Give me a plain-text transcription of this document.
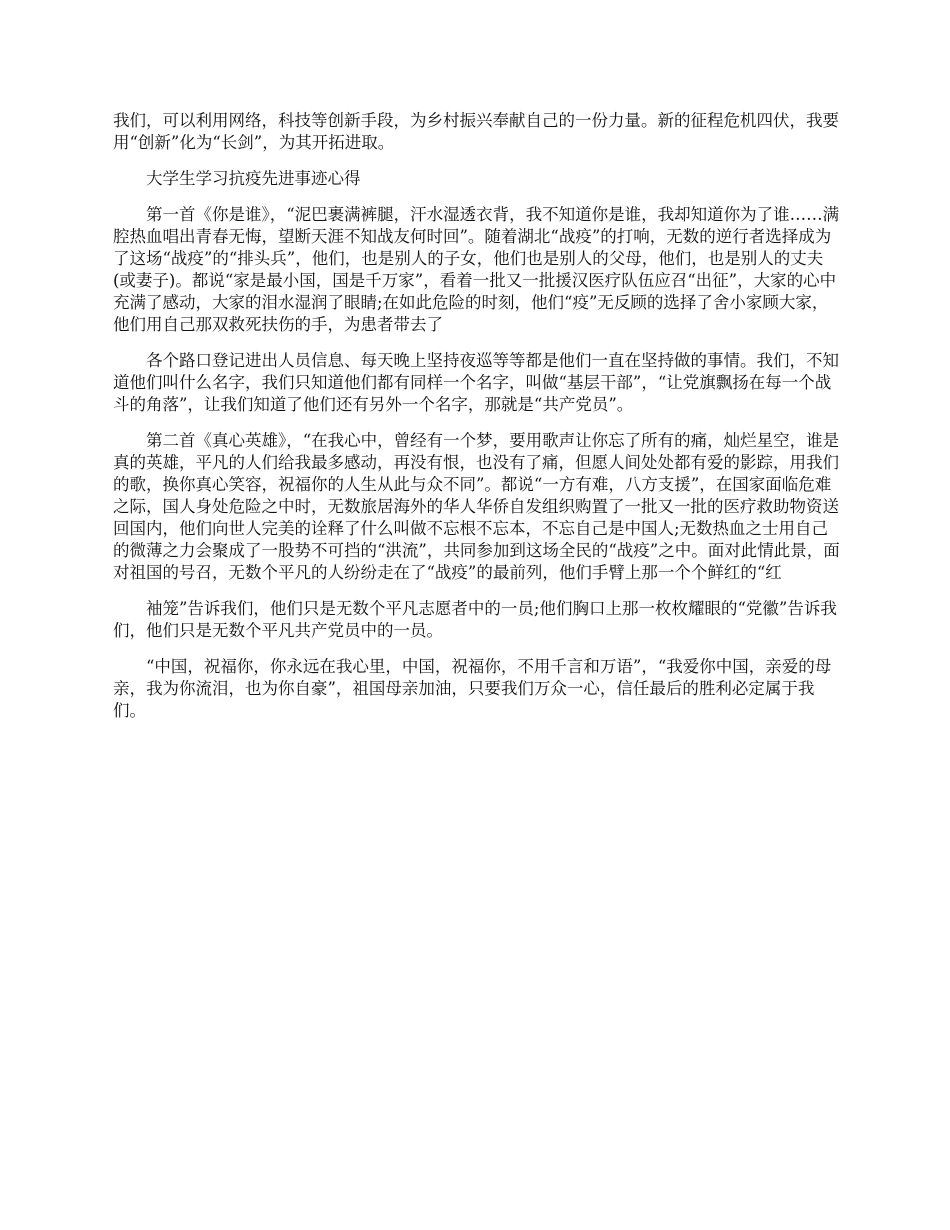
我们，可以利用网络，科技等创新手段，为乡村振兴奉献自己的一份力量。新的征程危机四伏，我要用“创新”化为“长剑”，为其开拓进取。

大学生学习抗疫先进事迹心得

第一首《你是谁》，“泥巴裹满裤腿，汗水湿透衣背，我不知道你是谁，我却知道你为了谁……满腔热血唱出青春无悔，望断天涯不知战友何时回”。随着湖北“战疫”的打响，无数的逆行者选择成为了这场“战疫”的“排头兵”，他们，也是别人的子女，他们也是别人的父母，他们，也是别人的丈夫(或妻子)。都说“家是最小国，国是千万家”，看着一批又一批援汉医疗队伍应召“出征”，大家的心中充满了感动，大家的泪水湿润了眼睛;在如此危险的时刻，他们“疫”无反顾的选择了舍小家顾大家，他们用自己那双救死扶伤的手，为患者带去了

各个路口登记进出人员信息、每天晚上坚持夜巡等等都是他们一直在坚持做的事情。我们，不知道他们叫什么名字，我们只知道他们都有同样一个名字，叫做“基层干部”，“让党旗飘扬在每一个战斗的角落”，让我们知道了他们还有另外一个名字，那就是“共产党员”。

第二首《真心英雄》，“在我心中，曾经有一个梦，要用歌声让你忘了所有的痛，灿烂星空，谁是真的英雄，平凡的人们给我最多感动，再没有恨，也没有了痛，但愿人间处处都有爱的影踪，用我们的歌，换你真心笑容，祝福你的人生从此与众不同”。都说“一方有难，八方支援”，在国家面临危难之际，国人身处危险之中时，无数旅居海外的华人华侨自发组织购置了一批又一批的医疗救助物资送回国内，他们向世人完美的诠释了什么叫做不忘根不忘本，不忘自己是中国人;无数热血之士用自己的微薄之力会聚成了一股势不可挡的“洪流”，共同参加到这场全民的“战疫”之中。面对此情此景，面对祖国的号召，无数个平凡的人纷纷走在了“战疫”的最前列，他们手臂上那一个个鲜红的“红

袖笼”告诉我们，他们只是无数个平凡志愿者中的一员;他们胸口上那一枚枚耀眼的“党徽”告诉我们，他们只是无数个平凡共产党员中的一员。

“中国，祝福你，你永远在我心里，中国，祝福你，不用千言和万语”，“我爱你中国，亲爱的母亲，我为你流泪，也为你自豪”，祖国母亲加油，只要我们万众一心，信任最后的胜利必定属于我们。
